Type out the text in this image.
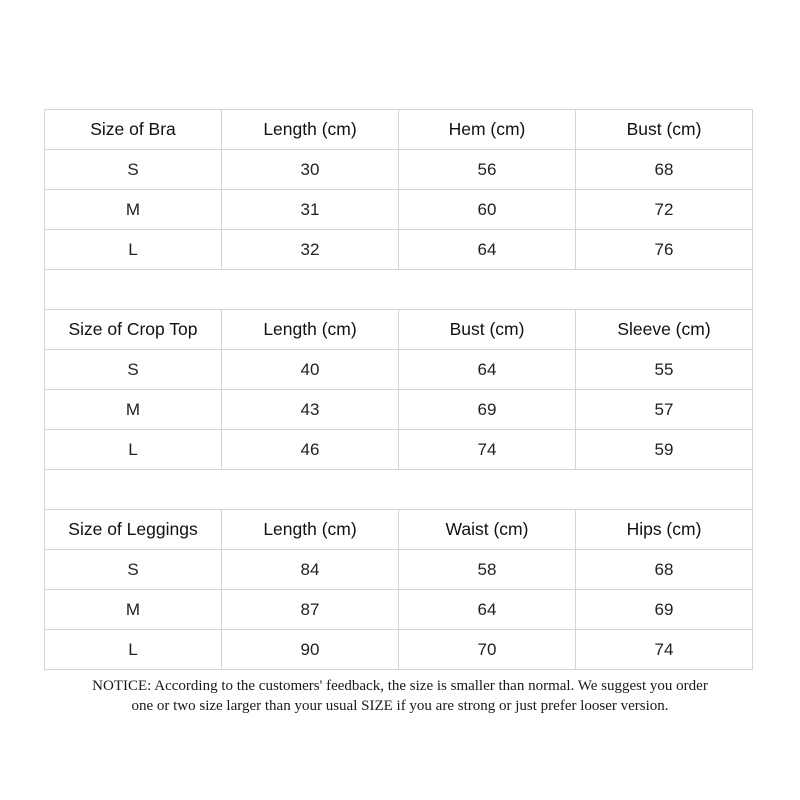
Size of Bra	Length (cm)	Hem (cm)	Bust (cm)
S	30	56	68
M	31	60	72
L	32	64	76
Size of Crop Top	Length (cm)	Bust (cm)	Sleeve (cm)
S	40	64	55
M	43	69	57
L	46	74	59
Size of Leggings	Length (cm)	Waist (cm)	Hips (cm)
S	84	58	68
M	87	64	69
L	90	70	74
NOTICE: According to the customers' feedback, the size is smaller than normal. We suggest you order
one or two size larger than your usual SIZE if you are strong or just prefer looser version.
